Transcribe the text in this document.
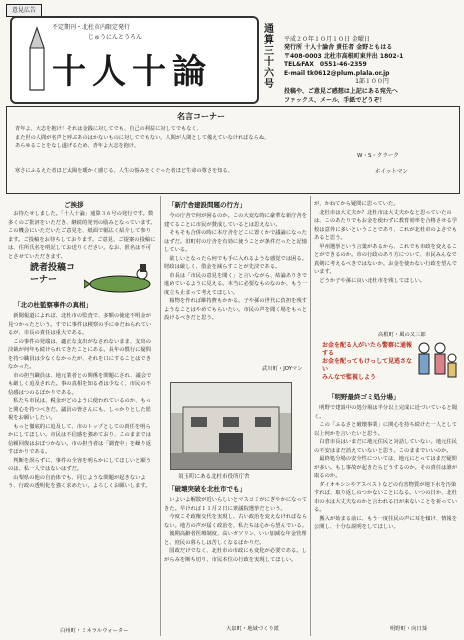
意見広告
不定期刊・北杜市内限定発行
じゅうにんとうろん
十人十論
通算三十六号
平成２０年１０月１０日 金曜日
発行所 十人十論舎 責任者 金野ともはる
〒408-0003 北杜市高根町東井出 1802-1
TEL&FAX　0551-46-2359
E-mail tk0612@plum.plala.or.jp
1部１００円
投稿や、ご意見ご感想は上記にある宛先へ
ファックス、メール、手紙でどうぞ！
名言コーナー
青年よ、大志を抱け！それは金銭に対してでも、自己の利益に対してでもなく、
また世の人間が名声と呼ぶあのはかないものに対してでもない。人間が人間として備えていなければならぬ、
あらゆることをなし遂げるため、青年よ大志を抱け。
W・S・クラーク
寒さにふるえた者ほど太陽を暖かく感じる。人生の悩みをくぐった者ほど生命の尊さを知る。	ホイットマン
ご挨拶
　お待たせしました。「十人十論」通算３６号の発行です。数多くのご批評をいただき、継続的発刊の励みとなっています。この機会にいただいたご意見を、紙面で幅広く紹介して参ります。ご投稿をお待ちしております。ご意見、ご提案の投稿には、住所氏名を明記してお送りください。なお、匿名は不可とさせていただきます。
読者投稿コーナー
「北の杜監察事件の真相」
　新聞報道によれば、北杜市の監査で、多額の使途不明金が見つかったという。すでに事件は検察の手にゆだねられているが、市長の責任は重大である。
　この事件の発端は、適正な支出がなされないまま、支出の決裁が何年も続けられてきたことにある。長年の慣行に疑問を持つ職員は少なくなかったが、それを口にすることはできなかった。
　市の担当職員は、地元業者との関係を問題にされ、議会でも厳しく追及された。事の真相を知る者は少なく、市民の不信感はつのるばかりである。
　私たち市民は、税金がどのように使われているのか、もっと関心を持つべきだ。議員の皆さんにも、しっかりとした監視をお願いしたい。
　もっと徹底的に追及して、市のトップとしての責任を明らかにしてほしい。市民は不信感を強めており、このままでは信頼回復はおぼつかない。市の担当者は「調査中」を繰り返すばかりである。
　判断を誤らずに、事件の全容を明らかにしてほしいと願うのは、私一人ではないはずだ。
　山梨県の他の自治体でも、同じような問題が起きないよう、行政の透明化を強く求めたい。よろしくお願いします。
白州町・ミネラルウォーター
「新庁舎建設問題の行方」
　今の庁舎で何が困るのか。この大変な時に豪華な新庁舎を建てることに市民が賛成しているとは思えない。
　そもそも合併の時に本庁舎をどこに置くかで議論になったはずだ。旧町村の庁舎を有効に使うことが条件だったと記憶している。
　欲しいとなったら何でも手に入れるような感覚では困る。財政は厳しく、借金を減らすことが先決である。
　市長は「市民の意見を聞く」と言いながら、結論ありきで進めているように見える。本当に必要なものなのか、もう一度立ち止まって考えてほしい。
　箱物を作れば維持費もかかる。子や孫の世代に負担を残すようなことはやめてもらいたい。市民の声を聞く場をもっと設けるべきだと思う。
武川町・JOYマン
須玉町にある北杜市役所庁舎
「破壊突破を北杜市でも」
　いよいよ解散が近いらしいとマスコミがにぎやかになってきた。早ければ１１月２日に衆議院選挙だという。
　今度こそ政権交代を実現し、古い政治を変えなければならない。地方の声が届く政治を、私たちは心から望んでいる。
　後期高齢者医療制度、高いガソリン、いい加減な年金管理と、庶民の暮らしは苦しくなるばかりだ。
　国政だけでなく、北杜市の市政にも変化が必要である。しがらみを断ち切り、市民本位の行政を実現してほしい。
大泉町・地域づくり派
が、かねてから疑問に思っていた。
　北杜市は大丈夫か？北杜市は大丈夫かなと思っていたのは、このあたりでもお金を使わずに教育効率を合格させる学校は意外に多いということであり、これが北杜市のよさでもあると思う。
　甲州選挙という言葉があるから、これでも市政を変えることができるのか。市の行政のあり方について、市民みんなで真剣に考えるべきではないか。お金を使わない行政を望んでいます。
　どうか子や孫に良い北杜市を残してほしい。
高根町・風の又三郎
お金を配る人がいたら警察に通報する
お金を配ってもけっして見逃さない
みんなで監視しよう
「明野最終ゴミ処分場」
　明野で建設中の処分場は半分以上完成に近づいていると聞く。
　この「ふるさと破壊事業」に関心を持ち続けた一人として以上何かを言いたいと思う。
　白倉市長はいまだに地元住民と対話していない。地元住民の不安はまだ消えていないと思う。このままでいいのか。
　最終処分場の安全性については、地元にとってはまだ疑問が多い。もし事故が起きたらどうするのか。その責任は誰が取るのか。
　ダイオキシンやアスベストなどの有害物質が地下水を汚染すれば、取り返しのつかないことになる。いつの日か、北杜市の水は大丈夫なのかと言われる日が来ないことを祈っている。
　搬入が始まる前に、もう一度住民の声に耳を傾け、情報を公開し、十分な説明をしてほしい。
明野町・向日葵
